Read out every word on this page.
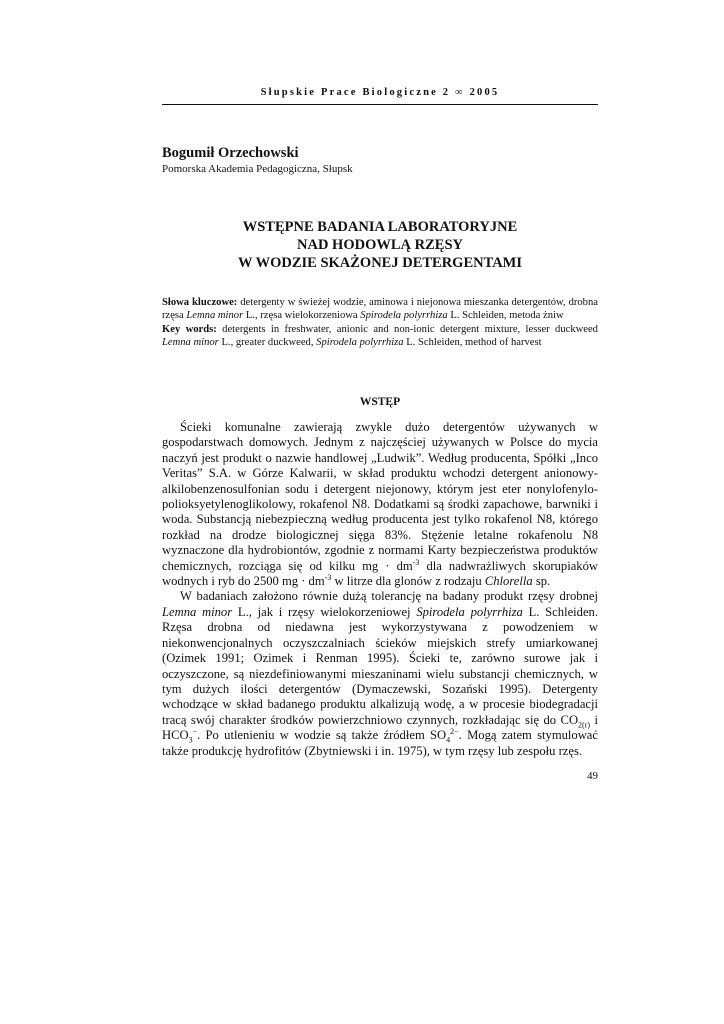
Słupskie Prace Biologiczne 2 ∞ 2005
Bogumił Orzechowski
Pomorska Akademia Pedagogiczna, Słupsk
WSTĘPNE BADANIA LABORATORYJNE
NAD HODOWLĄ RZĘSY
W WODZIE SKAŻONEJ DETERGENTAMI

Słowa kluczowe: detergenty w świeżej wodzie, aminowa i niejonowa mieszanka detergentów, drobna rzęsa Lemna minor L., rzęsa wielokorzeniowa Spirodela polyrrhiza L. Schleiden, metoda żniw

Key words: detergents in freshwater, anionic and non-ionic detergent mixture, lesser duckweed Lemna minor L., greater duckweed, Spirodela polyrrhiza L. Schleiden, method of harvest

WSTĘP

Ścieki komunalne zawierają zwykle dużo detergentów używanych w gospodarstwach domowych. Jednym z najczęściej używanych w Polsce do mycia naczyń jest produkt o nazwie handlowej „Ludwik”. Według producenta, Spółki „Inco Veritas” S.A. w Górze Kalwarii, w skład produktu wchodzi detergent anionowy-alkilobenzenosulfonian sodu i detergent niejonowy, którym jest eter nonylofenylo-polioksyetylenoglikolowy, rokafenol N8. Dodatkami są środki zapachowe, barwniki i woda. Substancją niebezpieczną według producenta jest tylko rokafenol N8, którego rozkład na drodze biologicznej sięga 83%. Stężenie letalne rokafenolu N8 wyznaczone dla hydrobiontów, zgodnie z normami Karty bezpieczeństwa produktów chemicznych, rozciąga się od kilku mg · $dm^{-3}$ dla nadwrażliwych skorupiaków wodnych i ryb do 2500 mg · $dm^{-3}$ w litrze dla glonów z rodzaju Chlorella sp.

W badaniach założono równie dużą tolerancję na badany produkt rzęsy drobnej Lemna minor L., jak i rzęsy wielokorzeniowej Spirodela polyrrhiza L. Schleiden. Rzęsa drobna od niedawna jest wykorzystywana z powodzeniem w niekonwencjonalnych oczyszczalniach ścieków miejskich strefy umiarkowanej (Ozimek 1991; Ozimek i Renman 1995). Ścieki te, zarówno surowe jak i oczyszczone, są niezdefiniowanymi mieszaninami wielu substancji chemicznych, w tym dużych ilości detergentów (Dymaczewski, Sozański 1995). Detergenty wchodzące w skład badanego produktu alkalizują wodę, a w procesie biodegradacji tracą swój charakter środków powierzchniowo czynnych, rozkładając się do $CO_{2(r)}$ i $HCO_3^-$. Po utlenieniu w wodzie są także źródłem $SO_4^{2-}$. Mogą zatem stymulować także produkcję hydrofitów (Zbytniewski i in. 1975), w tym rzęsy lub zespołu rzęs.

49
